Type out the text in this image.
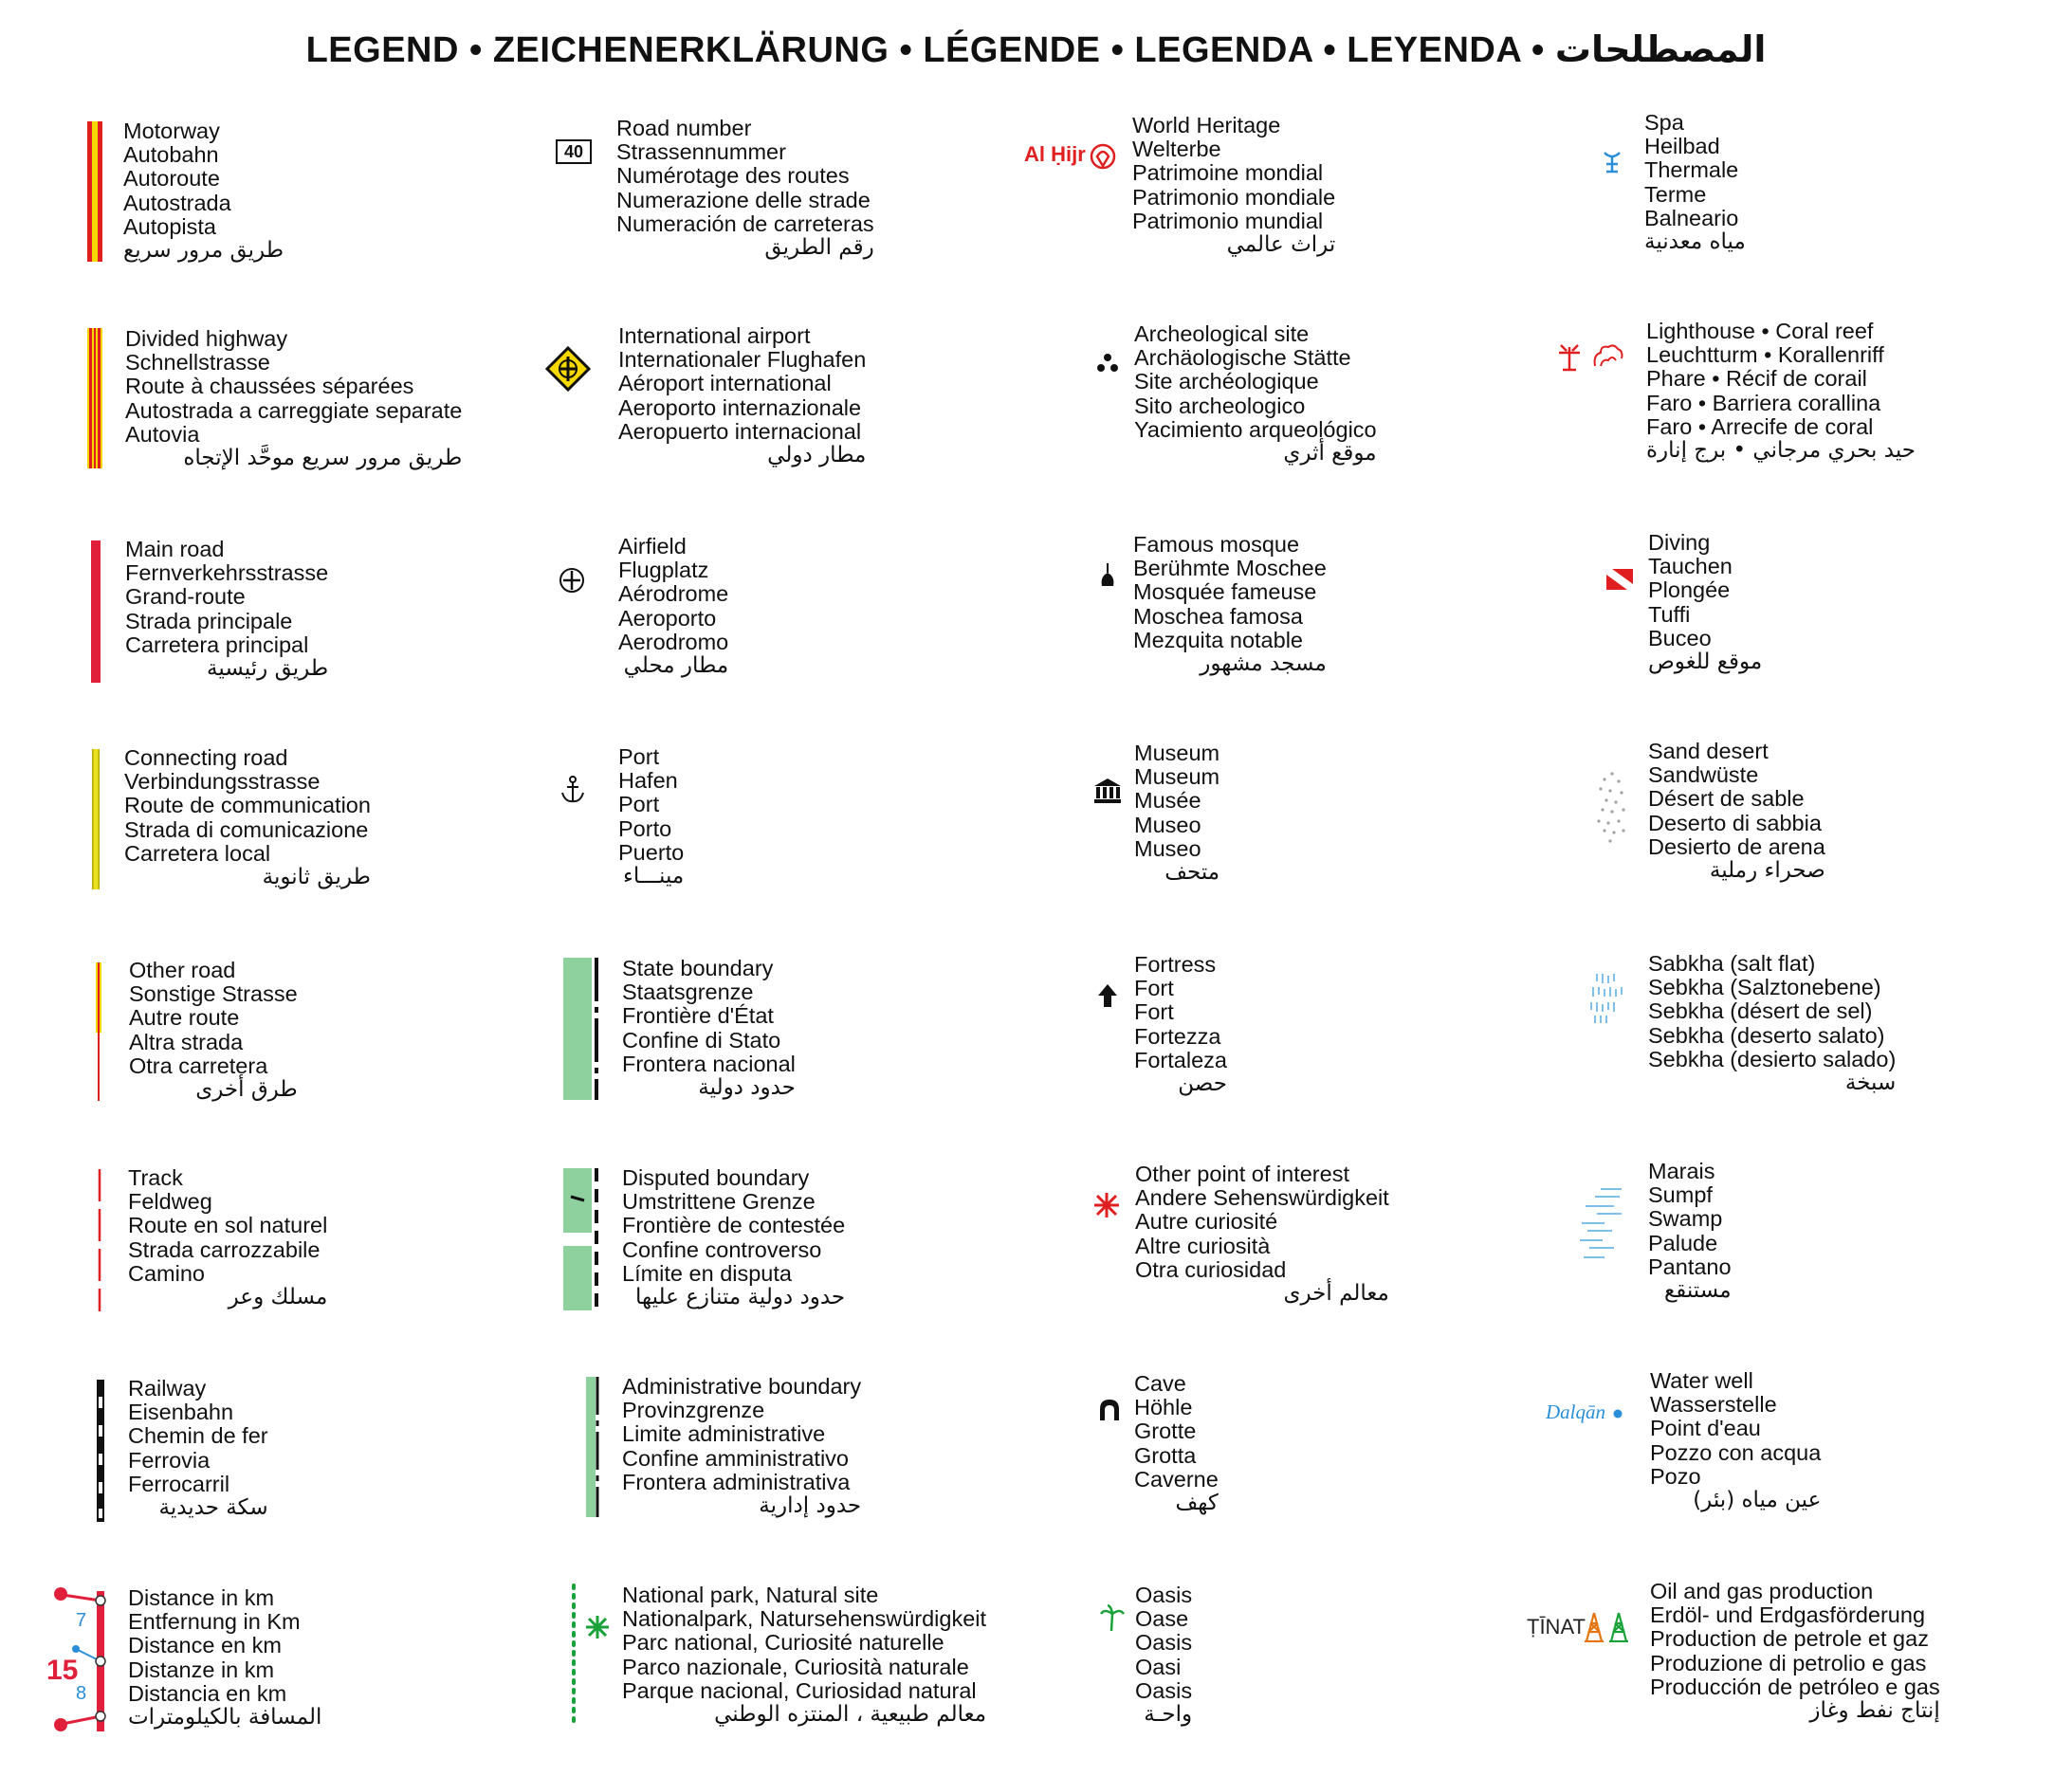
LEGEND • ZEICHENERKLÄRUNG • LÉGENDE • LEGENDA • LEYENDA • المصطلحات
Motorway
Autobahn
Autoroute
Autostrada
Autopista
طريق مرور سريع
Divided highway
Schnellstrasse
Route à chaussées séparées
Autostrada a carreggiate separate
Autovia
طريق مرور سريع موحَّد الإتجاه
Main road
Fernverkehrsstrasse
Grand-route
Strada principale
Carretera principal
طريق رئيسية
Connecting road
Verbindungsstrasse
Route de communication
Strada di comunicazione
Carretera local
طريق ثانوية
Other road
Sonstige Strasse
Autre route
Altra strada
Otra carretera
طرق أخرى
Track
Feldweg
Route en sol naturel
Strada carrozzabile
Camino
مسلك وعر
Railway
Eisenbahn
Chemin de fer
Ferrovia
Ferrocarril
سكة حديدية
7
15
8
Distance in km
Entfernung in Km
Distance en km
Distanze in km
Distancia en km
المسافة بالكيلومترات
40
Road number
Strassennummer
Numérotage des routes
Numerazione delle strade
Numeración de carreteras
رقم الطريق
International airport
Internationaler Flughafen
Aéroport international
Aeroporto internazionale
Aeropuerto internacional
مطار دولي
Airfield
Flugplatz
Aérodrome
Aeroporto
Aerodromo
مطار محلي
Port
Hafen
Port
Porto
Puerto
مينـــاء
State boundary
Staatsgrenze
Frontière d'État
Confine di Stato
Frontera nacional
حدود دولية
Disputed boundary
Umstrittene Grenze
Frontière de contestée
Confine controverso
Límite en disputa
حدود دولية متنازع عليها
Administrative boundary
Provinzgrenze
Limite administrative
Confine amministrativo
Frontera administrativa
حدود إدارية
National park, Natural site
Nationalpark, Natursehenswürdigkeit
Parc national, Curiosité naturelle
Parco nazionale, Curiosità naturale
Parque nacional, Curiosidad natural
معالم طبيعية ، المنتزه الوطني
Al Ḥijr
World Heritage
Welterbe
Patrimoine mondial
Patrimonio mondiale
Patrimonio mundial
تراث عالمي
Archeological site
Archäologische Stätte
Site archéologique
Sito archeologico
Yacimiento arqueológico
موقع أثري
Famous mosque
Berühmte Moschee
Mosquée fameuse
Moschea famosa
Mezquita notable
مسجد مشهور
Museum
Museum
Musée
Museo
Museo
متحف
Fortress
Fort
Fort
Fortezza
Fortaleza
حصن
Other point of interest
Andere Sehenswürdigkeit
Autre curiosité
Altre curiosità
Otra curiosidad
معالم أخرى
Cave
Höhle
Grotte
Grotta
Caverne
كهف
Oasis
Oase
Oasis
Oasi
Oasis
واحـة
Spa
Heilbad
Thermale
Terme
Balneario
مياه معدنية
Lighthouse • Coral reef
Leuchtturm • Korallenriff
Phare • Récif de corail
Faro • Barriera corallina
Faro • Arrecife de coral
حيد بحري مرجاني • برج إنارة
Diving
Tauchen
Plongée
Tuffi
Buceo
موقع للغوص
Sand desert
Sandwüste
Désert de sable
Deserto di sabbia
Desierto de arena
صحراء رملية
Sabkha (salt flat)
Sebkha (Salztonebene)
Sebkha (désert de sel)
Sebkha (deserto salato)
Sebkha (desierto salado)
سبخة
Marais
Sumpf
Swamp
Palude
Pantano
مستنقع
Dalqān
Water well
Wasserstelle
Point d'eau
Pozzo con acqua
Pozo
عين مياه (بئر)
ṬĪNAT
Oil and gas production
Erdöl- und Erdgasförderung
Production de petrole et gaz
Produzione di petrolio e gas
Producción de petróleo e gas
إنتاج نفط وغاز
